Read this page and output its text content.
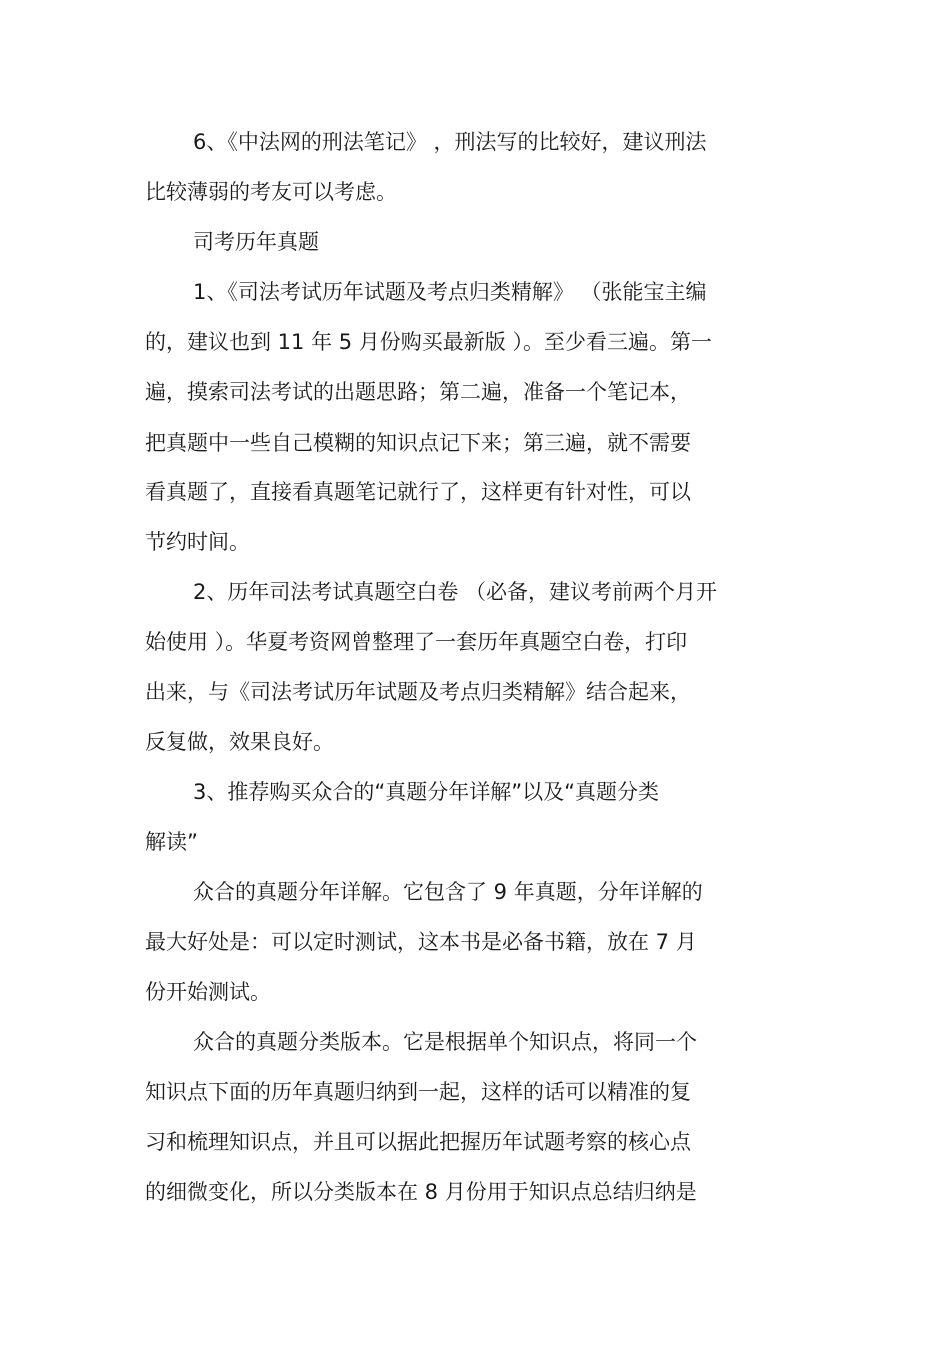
6、《中法网的刑法笔记》 ，刑法写的比较好，建议刑法
比较薄弱的考友可以考虑。
司考历年真题
1、《司法考试历年试题及考点归类精解》 （张能宝主编
的，建议也到 11 年 5 月份购买最新版 ）。至少看三遍。第一
遍，摸索司法考试的出题思路；第二遍，准备一个笔记本，
把真题中一些自己模糊的知识点记下来；第三遍，就不需要
看真题了，直接看真题笔记就行了，这样更有针对性，可以
节约时间。
2、历年司法考试真题空白卷 （必备，建议考前两个月开
始使用 ）。华夏考资网曾整理了一套历年真题空白卷，打印
出来，与《司法考试历年试题及考点归类精解》结合起来，
反复做，效果良好。
3、推荐购买众合的“真题分年详解”以及“真题分类
解读”
众合的真题分年详解。它包含了 9 年真题，分年详解的
最大好处是：可以定时测试，这本书是必备书籍，放在 7 月
份开始测试。
众合的真题分类版本。它是根据单个知识点，将同一个
知识点下面的历年真题归纳到一起，这样的话可以精准的复
习和梳理知识点，并且可以据此把握历年试题考察的核心点
的细微变化，所以分类版本在 8 月份用于知识点总结归纳是
